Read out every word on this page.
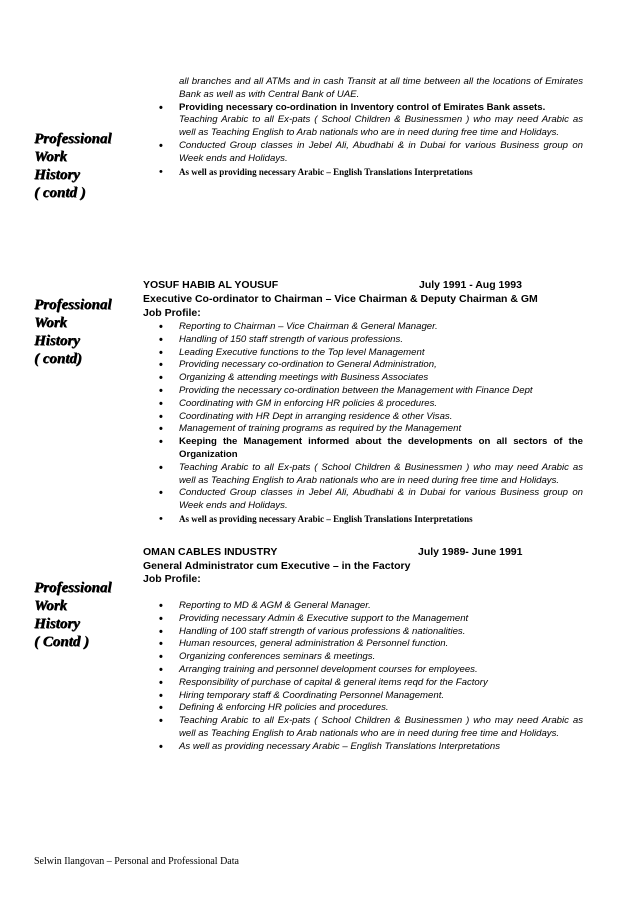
Professional
Work
History
( contd )
all branches and all ATMs and in cash Transit at all time between all the locations of Emirates Bank as well as with Central Bank of UAE.
• Providing necessary co-ordination in Inventory control of Emirates Bank assets.
Teaching Arabic to all Ex-pats ( School Children & Businessmen ) who may need Arabic as well as Teaching English to Arab nationals who are in need during free time and Holidays.
• Conducted Group classes in Jebel Ali, Abudhabi & in Dubai for various Business group on Week ends and Holidays.
• As well as providing necessary Arabic – English Translations Interpretations
Professional
Work
History
( contd)
YOSUF HABIB AL YOUSUF	July 1991 - Aug 1993
Executive Co-ordinator to Chairman – Vice Chairman & Deputy Chairman & GM
Job Profile:
• Reporting to Chairman – Vice Chairman & General Manager.
• Handling of 150 staff strength of various professions.
• Leading Executive functions to the Top level Management
• Providing necessary co-ordination to General Administration,
• Organizing & attending meetings with Business Associates
• Providing the necessary co-ordination between the Management with Finance Dept
• Coordinating with GM in enforcing HR policies & procedures.
• Coordinating with HR Dept in arranging residence & other Visas.
• Management of training programs as required by the Management
• Keeping the Management informed about the developments on all sectors of the Organization
• Teaching Arabic to all Ex-pats ( School Children & Businessmen ) who may need Arabic as well as Teaching English to Arab nationals who are in need during free time and Holidays.
• Conducted Group classes in Jebel Ali, Abudhabi & in Dubai for various Business group on Week ends and Holidays.
• As well as providing necessary Arabic – English Translations Interpretations
Professional
Work
History
( Contd )
OMAN CABLES INDUSTRY	July 1989- June 1991
General Administrator cum Executive – in the Factory
Job Profile:
• Reporting to MD & AGM & General Manager.
• Providing necessary Admin & Executive support to the Management
• Handling of 100 staff strength of various professions & nationalities.
• Human resources, general administration & Personnel function.
• Organizing conferences seminars & meetings.
• Arranging training and personnel development courses for employees.
• Responsibility of purchase of capital & general items reqd for the Factory
• Hiring temporary staff & Coordinating Personnel Management.
• Defining & enforcing HR policies and procedures.
• Teaching Arabic to all Ex-pats ( School Children & Businessmen ) who may need Arabic as well as Teaching English to Arab nationals who are in need during free time and Holidays.
• As well as providing necessary Arabic – English Translations Interpretations
Selwin Ilangovan – Personal and Professional Data
